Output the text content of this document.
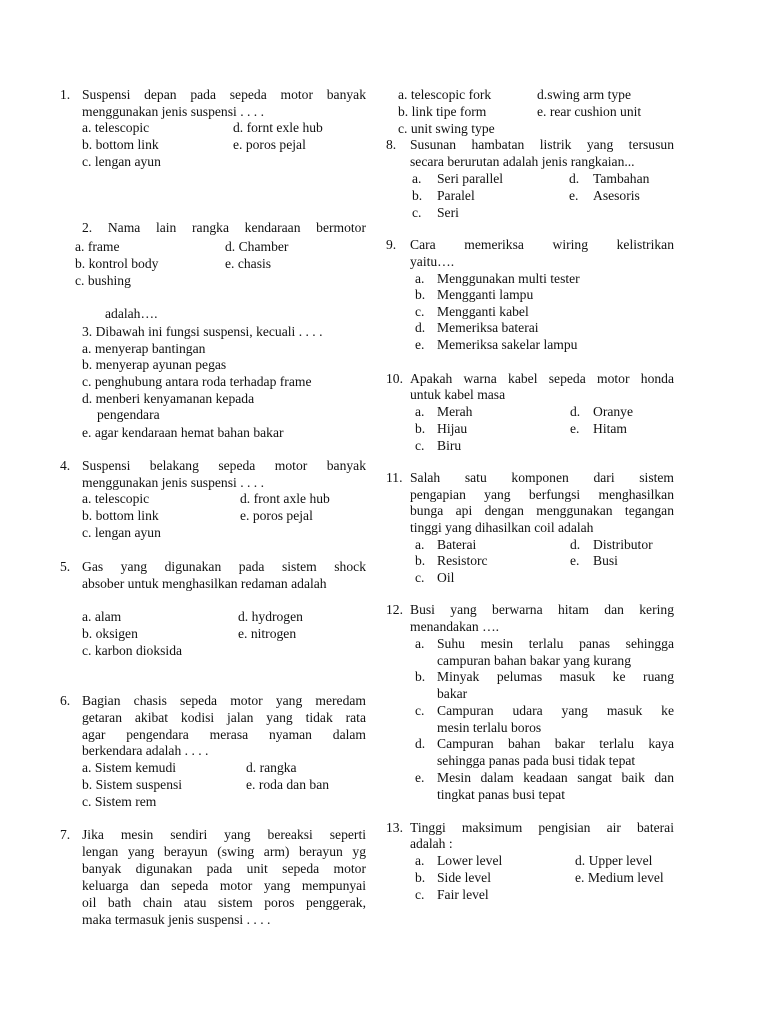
1. Suspensi depan pada sepeda motor banyak
menggunakan jenis suspensi . . . .
a. telescopic	d. fornt exle hub
b. bottom link	e. poros pejal
c. lengan ayun
2. Nama lain rangka kendaraan bermotor
a. frame	d. Chamber
b. kontrol body	e. chasis
c. bushing
adalah….
3. Dibawah ini fungsi suspensi, kecuali . . . .
a. menyerap bantingan
b. menyerap ayunan pegas
c. penghubung antara roda terhadap frame
d. menberi kenyamanan kepada
pengendara
e. agar kendaraan hemat bahan bakar
4. Suspensi belakang sepeda motor banyak
menggunakan jenis suspensi . . . .
a. telescopic	d. front axle hub
b. bottom link	e. poros pejal
c. lengan ayun
5. Gas yang digunakan pada sistem shock
absober untuk menghasilkan redaman adalah
a. alam	d. hydrogen
b. oksigen	e. nitrogen
c. karbon dioksida
6. Bagian chasis sepeda motor yang meredam
getaran akibat kodisi jalan yang tidak rata
agar pengendara merasa nyaman dalam
berkendara adalah . . . .
a. Sistem kemudi	d. rangka
b. Sistem suspensi	e. roda dan ban
c. Sistem rem
7. Jika mesin sendiri yang bereaksi seperti
lengan yang berayun (swing arm) berayun yg
banyak digunakan pada unit sepeda motor
keluarga dan sepeda motor yang mempunyai
oil bath chain atau sistem poros penggerak,
maka termasuk jenis suspensi . . . .
a. telescopic fork	d.swing arm type
b. link tipe form	e. rear cushion unit
c. unit swing type
8. Susunan hambatan listrik yang tersusun
secara berurutan adalah jenis rangkaian...
a. Seri parallel	d. Tambahan
b. Paralel	e. Asesoris
c. Seri
9. Cara memeriksa wiring kelistrikan
yaitu….
a. Menggunakan multi tester
b. Mengganti lampu
c. Mengganti kabel
d. Memeriksa baterai
e. Memeriksa sakelar lampu
10. Apakah warna kabel sepeda motor honda
untuk kabel masa
a. Merah	d. Oranye
b. Hijau	e. Hitam
c. Biru
11. Salah satu komponen dari sistem
pengapian yang berfungsi menghasilkan
bunga api dengan menggunakan tegangan
tinggi yang dihasilkan coil adalah
a. Baterai	d. Distributor
b. Resistorc	e. Busi
c. Oil
12. Busi yang berwarna hitam dan kering
menandakan ….
a. Suhu mesin terlalu panas sehingga
campuran bahan bakar yang kurang
b. Minyak pelumas masuk ke ruang
bakar
c. Campuran udara yang masuk ke
mesin terlalu boros
d. Campuran bahan bakar terlalu kaya
sehingga panas pada busi tidak tepat
e. Mesin dalam keadaan sangat baik dan
tingkat panas busi tepat
13. Tinggi maksimum pengisian air baterai
adalah :
a. Lower level	d. Upper level
b. Side level	e. Medium level
c. Fair level
